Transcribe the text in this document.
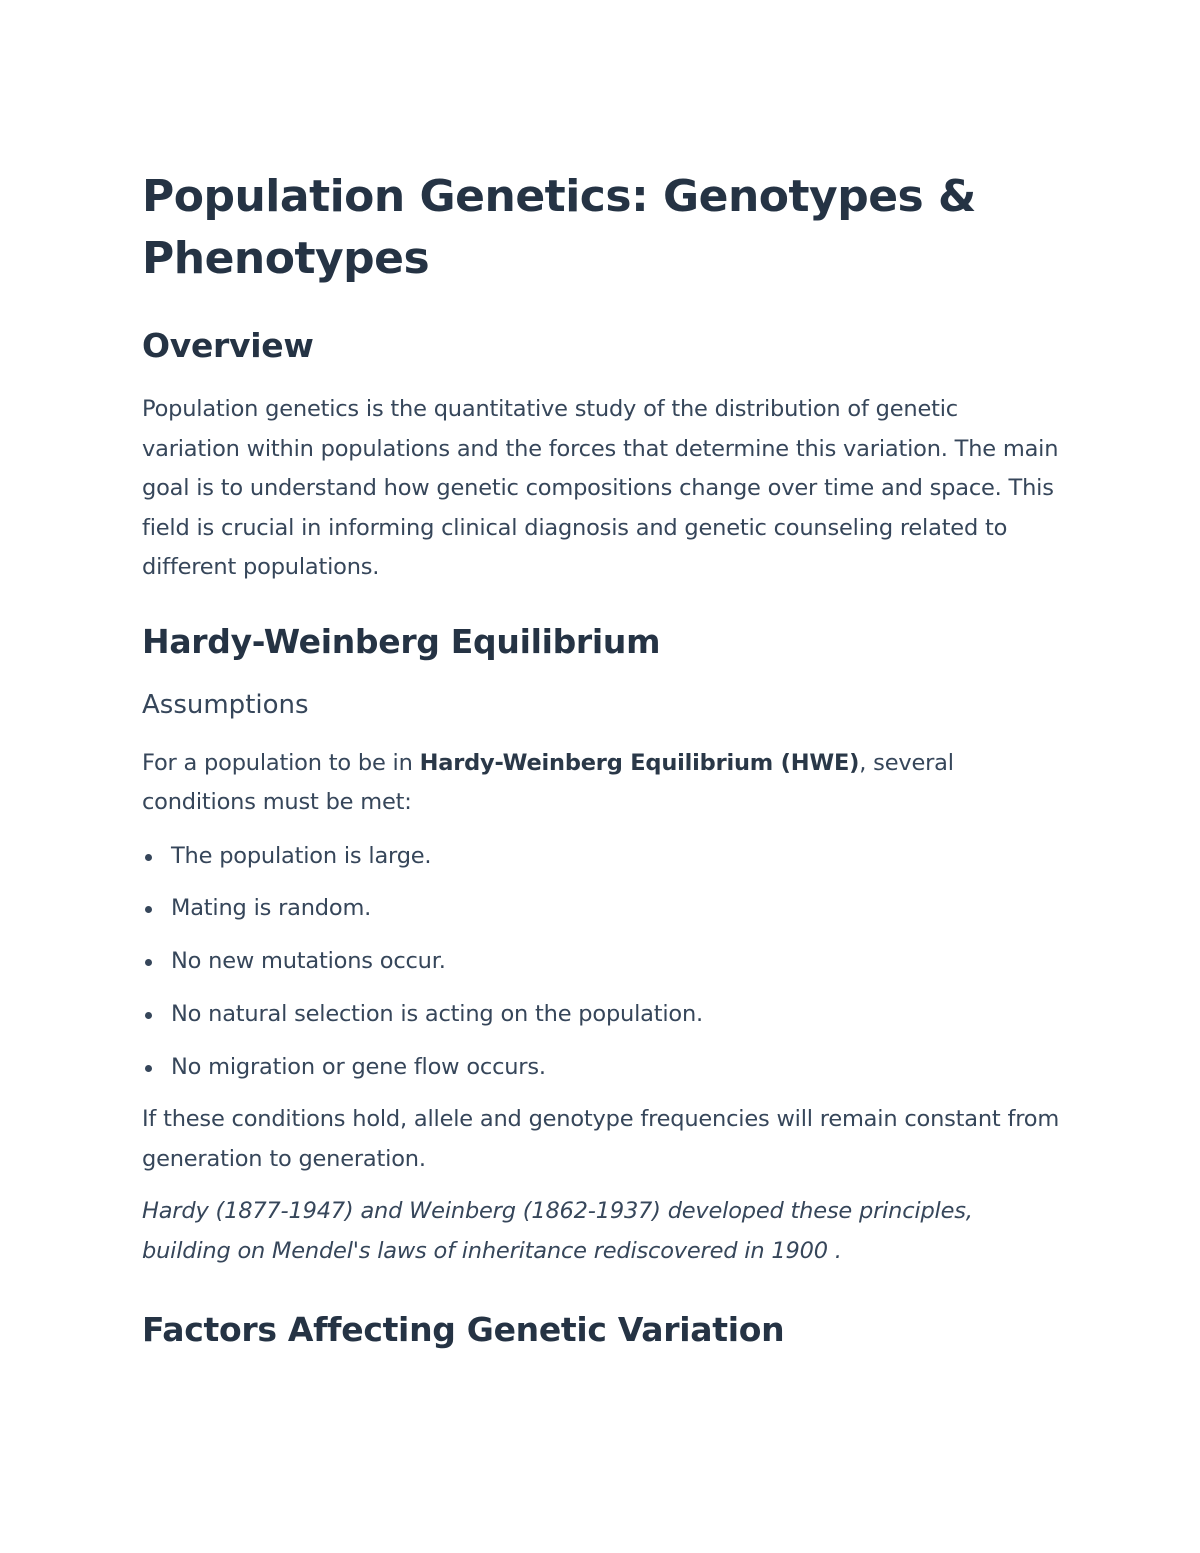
Population Genetics: Genotypes & Phenotypes
Overview

Population genetics is the quantitative study of the distribution of genetic variation within populations and the forces that determine this variation. The main goal is to understand how genetic compositions change over time and space. This field is crucial in informing clinical diagnosis and genetic counseling related to different populations.

Hardy-Weinberg Equilibrium
Assumptions

For a population to be in Hardy-Weinberg Equilibrium (HWE), several conditions must be met:

The population is large.
Mating is random.
No new mutations occur.
No natural selection is acting on the population.
No migration or gene flow occurs.

If these conditions hold, allele and genotype frequencies will remain constant from generation to generation.

Hardy (1877-1947) and Weinberg (1862-1937) developed these principles, building on Mendel's laws of inheritance rediscovered in 1900 .

Factors Affecting Genetic Variation
